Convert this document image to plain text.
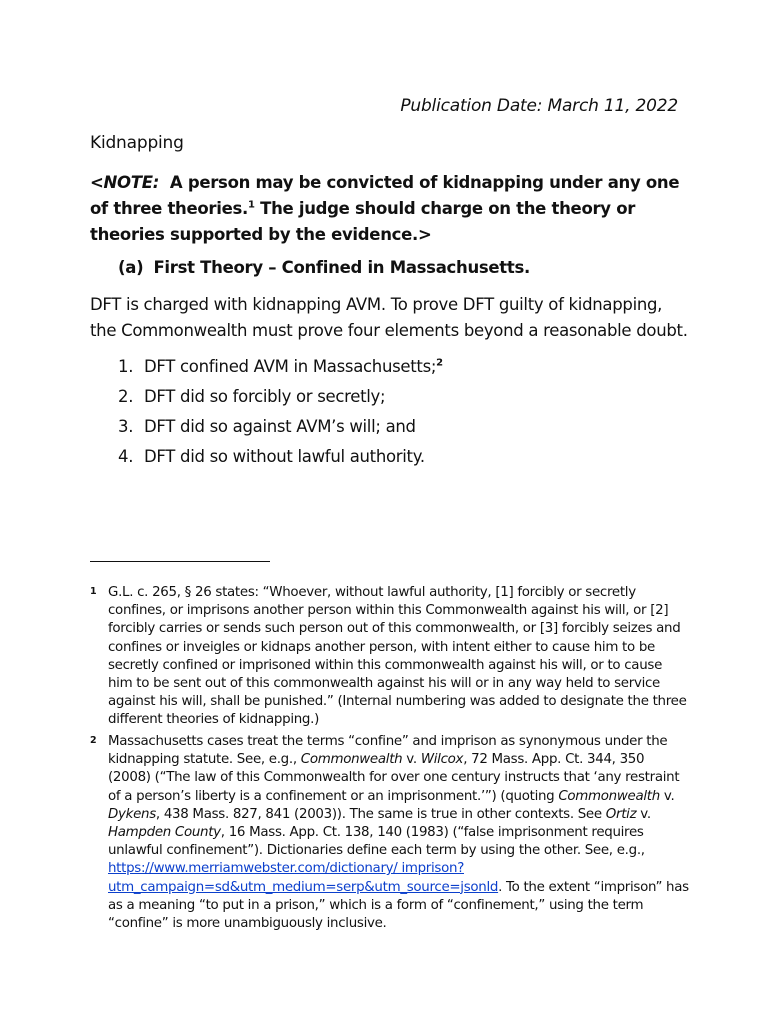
Publication Date: March 11, 2022
Kidnapping
<NOTE: A person may be convicted of kidnapping under any one of three theories.$^1$ The judge should charge on the theory or theories supported by the evidence.>
(a) First Theory – Confined in Massachusetts.
DFT is charged with kidnapping AVM. To prove DFT guilty of kidnapping, the Commonwealth must prove four elements beyond a reasonable doubt.
1. DFT confined AVM in Massachusetts;$^2$
2. DFT did so forcibly or secretly;
3. DFT did so against AVM’s will; and
4. DFT did so without lawful authority.
1 G.L. c. 265, § 26 states: “Whoever, without lawful authority, [1] forcibly or secretly confines, or imprisons another person within this Commonwealth against his will, or [2] forcibly carries or sends such person out of this commonwealth, or [3] forcibly seizes and confines or inveigles or kidnaps another person, with intent either to cause him to be secretly confined or imprisoned within this commonwealth against his will, or to cause him to be sent out of this commonwealth against his will or in any way held to service against his will, shall be punished.” (Internal numbering was added to designate the three different theories of kidnapping.)
2 Massachusetts cases treat the terms “confine” and imprison as synonymous under the kidnapping statute. See, e.g., Commonwealth v. Wilcox, 72 Mass. App. Ct. 344, 350 (2008) (“The law of this Commonwealth for over one century instructs that ‘any restraint of a person’s liberty is a confinement or an imprisonment.’”) (quoting Commonwealth v. Dykens, 438 Mass. 827, 841 (2003)). The same is true in other contexts. See Ortiz v. Hampden County, 16 Mass. App. Ct. 138, 140 (1983) (“false imprisonment requires unlawful confinement”). Dictionaries define each term by using the other. See, e.g., https://www.merriamwebster.com/dictionary/ imprison?utm_campaign=sd&utm_medium=serp&utm_source=jsonld. To the extent “imprison” has as a meaning “to put in a prison,” which is a form of “confinement,” using the term “confine” is more unambiguously inclusive.
